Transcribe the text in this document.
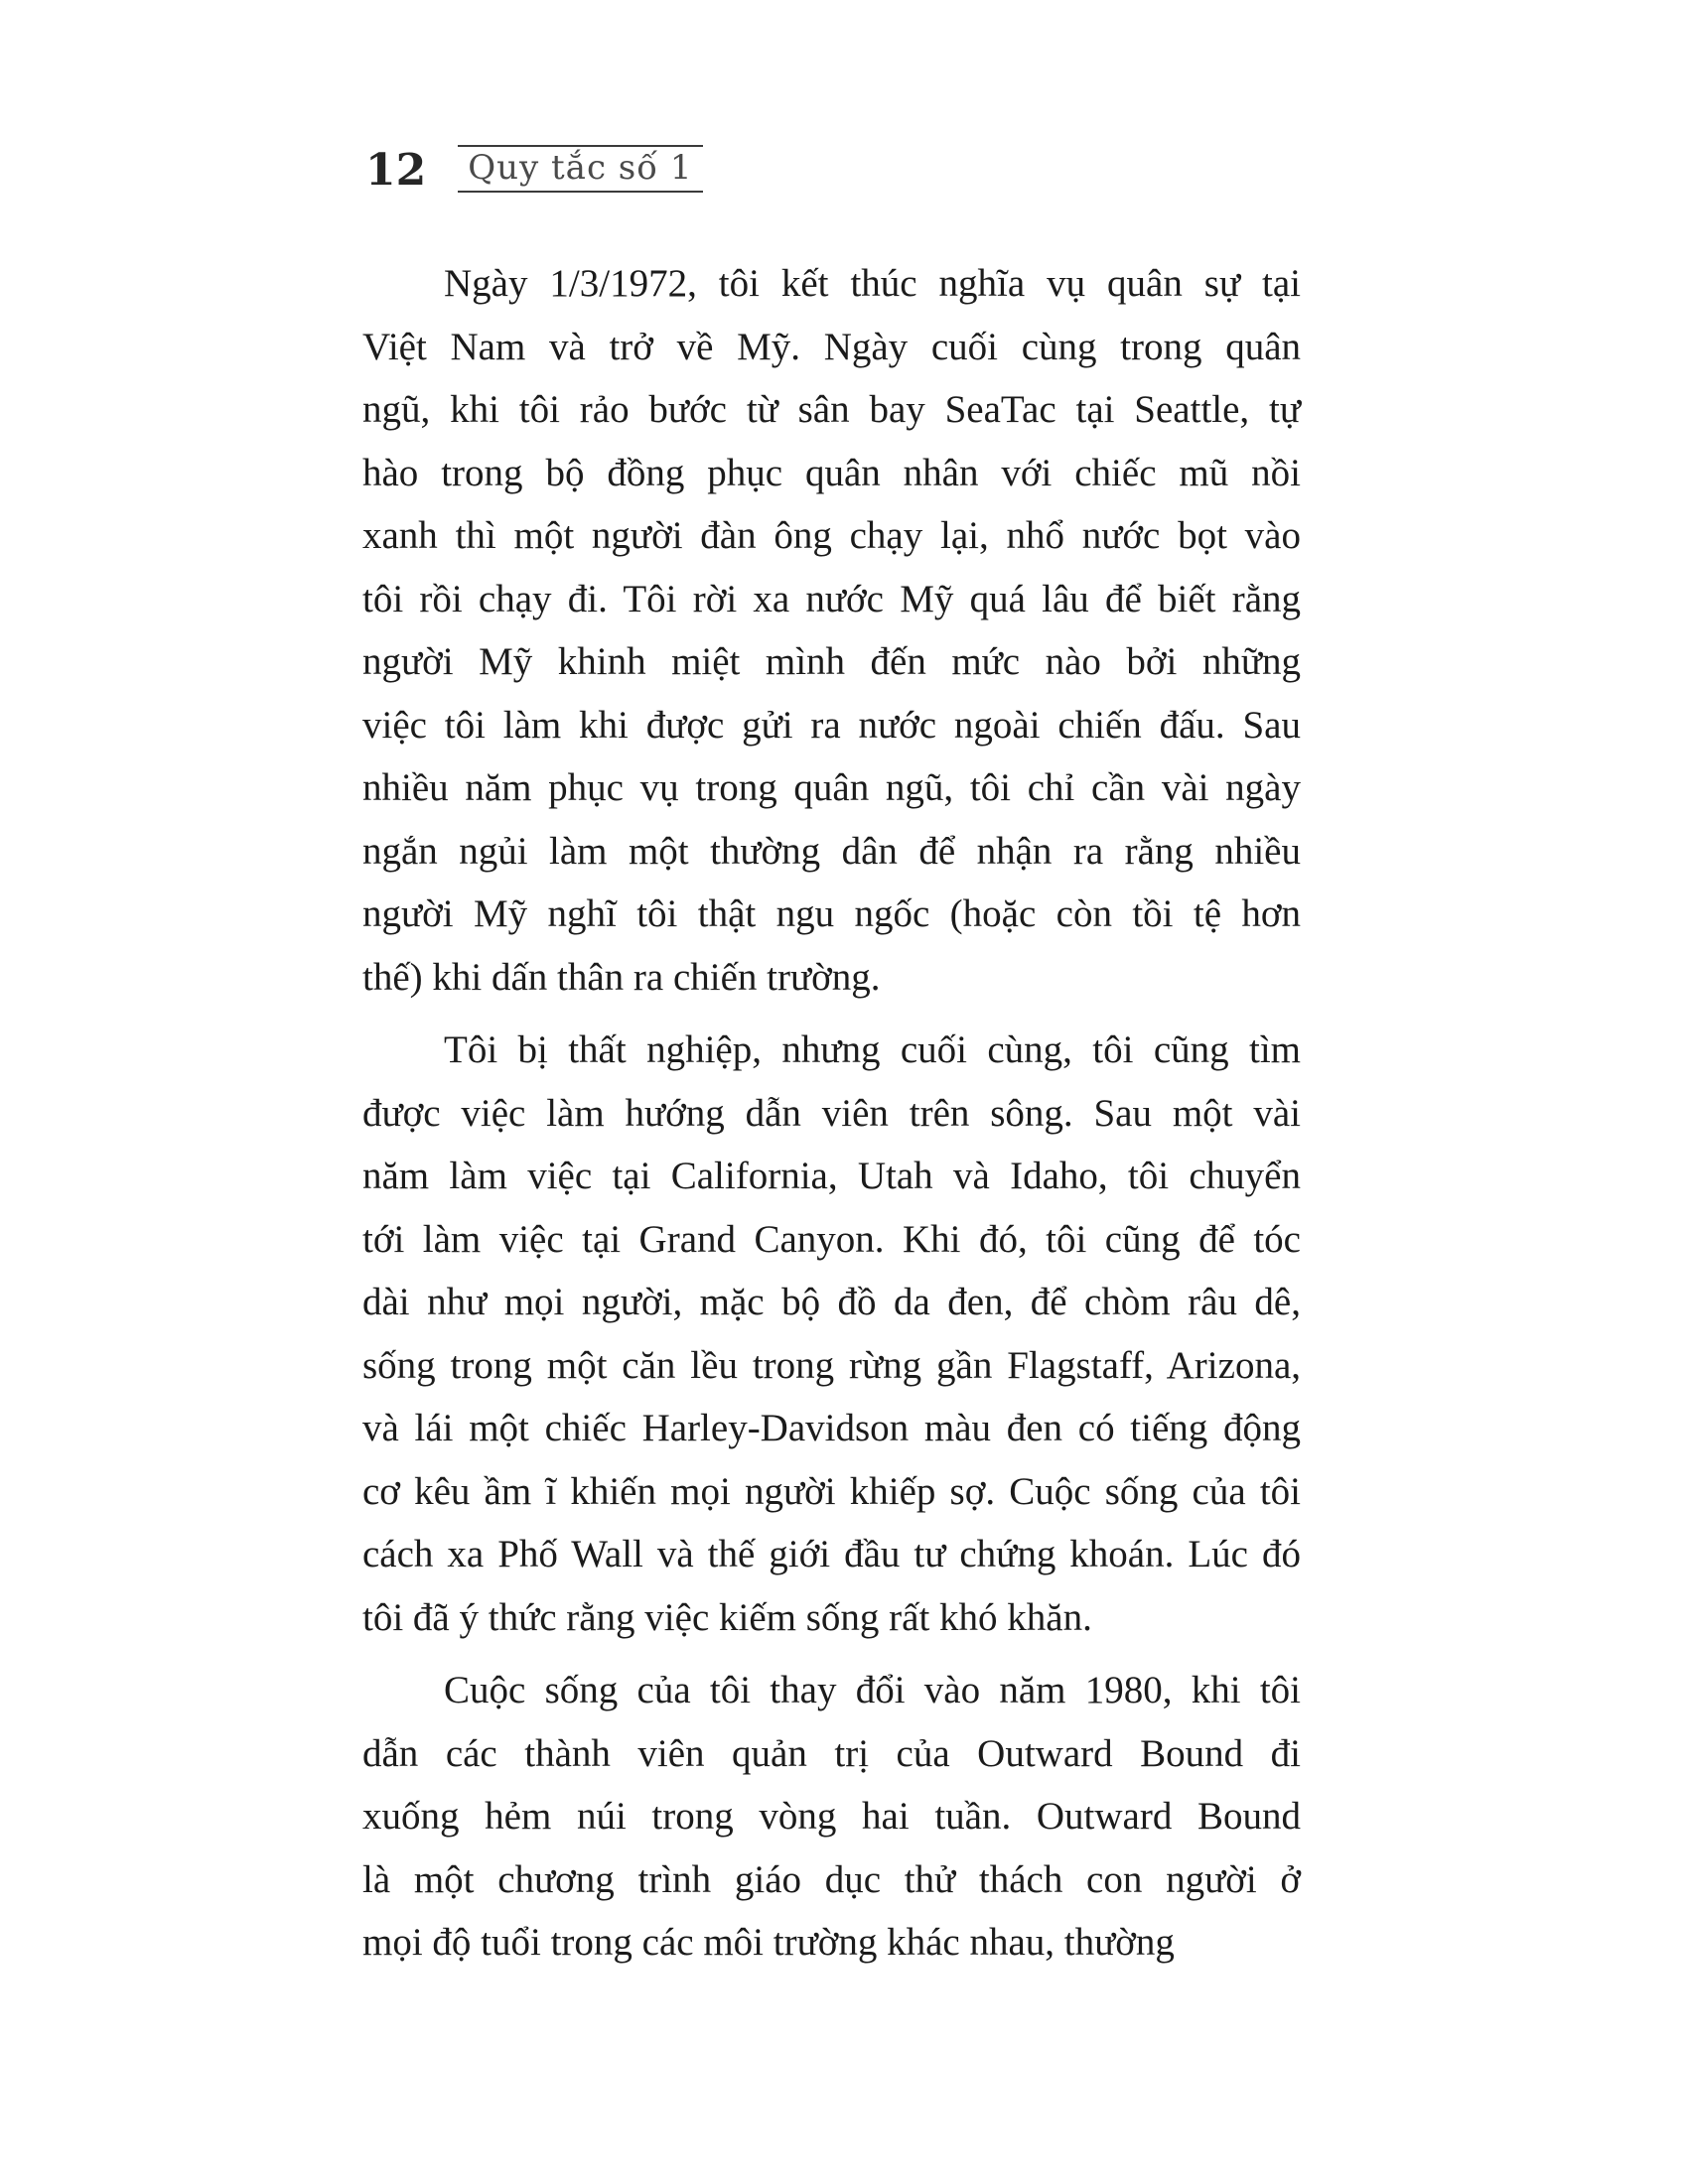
12 Quy tắc số 1
Ngày 1/3/1972, tôi kết thúc nghĩa vụ quân sự tại
Việt Nam và trở về Mỹ. Ngày cuối cùng trong quân
ngũ, khi tôi rảo bước từ sân bay SeaTac tại Seattle, tự
hào trong bộ đồng phục quân nhân với chiếc mũ nồi
xanh thì một người đàn ông chạy lại, nhổ nước bọt vào
tôi rồi chạy đi. Tôi rời xa nước Mỹ quá lâu để biết rằng
người Mỹ khinh miệt mình đến mức nào bởi những
việc tôi làm khi được gửi ra nước ngoài chiến đấu. Sau
nhiều năm phục vụ trong quân ngũ, tôi chỉ cần vài ngày
ngắn ngủi làm một thường dân để nhận ra rằng nhiều
người Mỹ nghĩ tôi thật ngu ngốc (hoặc còn tồi tệ hơn
thế) khi dấn thân ra chiến trường.
Tôi bị thất nghiệp, nhưng cuối cùng, tôi cũng tìm
được việc làm hướng dẫn viên trên sông. Sau một vài
năm làm việc tại California, Utah và Idaho, tôi chuyển
tới làm việc tại Grand Canyon. Khi đó, tôi cũng để tóc
dài như mọi người, mặc bộ đồ da đen, để chòm râu dê,
sống trong một căn lều trong rừng gần Flagstaff, Arizona,
và lái một chiếc Harley-Davidson màu đen có tiếng động
cơ kêu ầm ĩ khiến mọi người khiếp sợ. Cuộc sống của tôi
cách xa Phố Wall và thế giới đầu tư chứng khoán. Lúc đó
tôi đã ý thức rằng việc kiếm sống rất khó khăn.
Cuộc sống của tôi thay đổi vào năm 1980, khi tôi
dẫn các thành viên quản trị của Outward Bound đi
xuống hẻm núi trong vòng hai tuần. Outward Bound
là một chương trình giáo dục thử thách con người ở
mọi độ tuổi trong các môi trường khác nhau, thường
